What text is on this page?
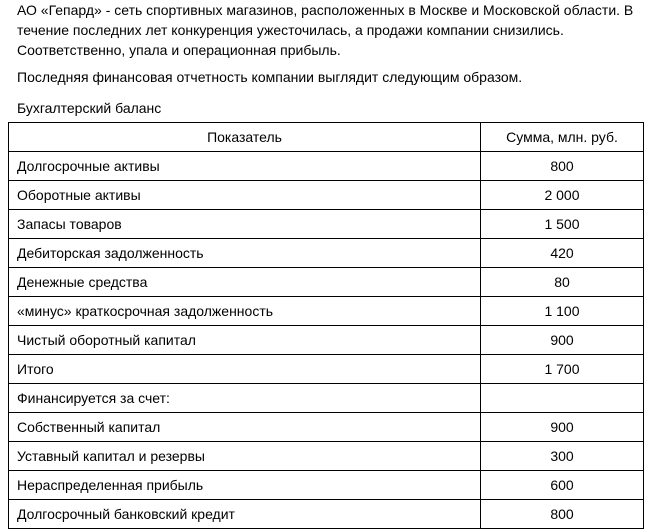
АО «Гепард» - сеть спортивных магазинов, расположенных в Москве и Московской области. В течение последних лет конкуренция ужесточилась, а продажи компании снизились. Соответственно, упала и операционная прибыль.

Последняя финансовая отчетность компании выглядит следующим образом.

Бухгалтерский баланс

Показатель	Сумма, млн. руб.
Долгосрочные активы	800
Оборотные активы	2 000
Запасы товаров	1 500
Дебиторская задолженность	420
Денежные средства	80
«минус» краткосрочная задолженность	1 100
Чистый оборотный капитал	900
Итого	1 700
Финансируется за счет:	
Собственный капитал	900
Уставный капитал и резервы	300
Нераспределенная прибыль	600
Долгосрочный банковский кредит	800
